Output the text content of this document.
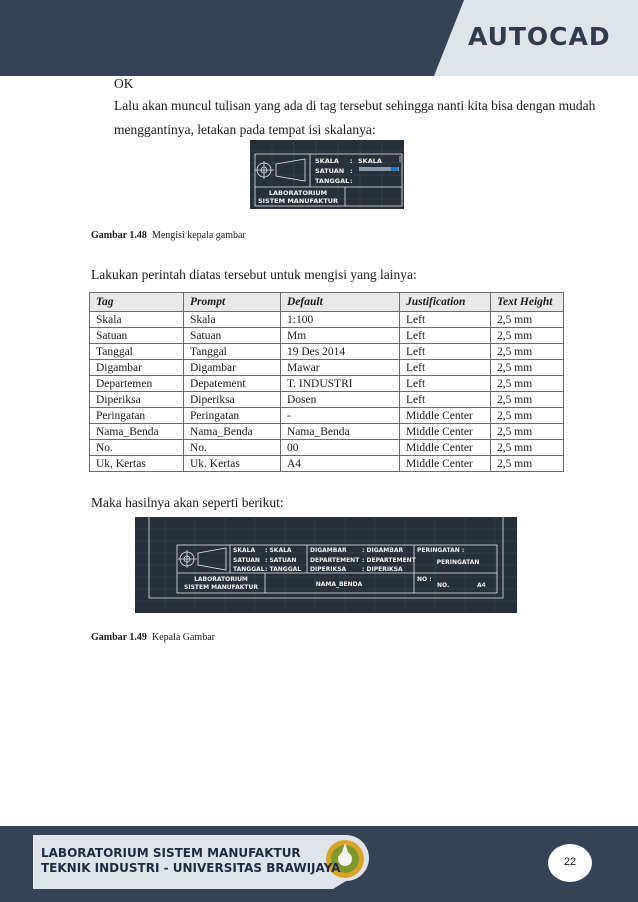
AUTOCAD
OK
Lalu akan muncul tulisan yang ada di tag tersebut sehingga nanti kita bisa dengan mudah
menggantinya, letakan pada tempat isi skalanya:
SKALA : SKALA
SATUAN :
TANGGAL :
LABORATORIUM
SISTEM MANUFAKTUR
Gambar 1.48 Mengisi kepala gambar
Lakukan perintah diatas tersebut untuk mengisi yang lainya:
Tag	Prompt	Default	Justification	Text Height
Skala	Skala	1:100	Left	2,5 mm
Satuan	Satuan	Mm	Left	2,5 mm
Tanggal	Tanggal	19 Des 2014	Left	2,5 mm
Digambar	Digambar	Mawar	Left	2,5 mm
Departemen	Depatement	T. INDUSTRI	Left	2,5 mm
Diperiksa	Diperiksa	Dosen	Left	2,5 mm
Peringatan	Peringatan	-	Middle Center	2,5 mm
Nama_Benda	Nama_Benda	Nama_Benda	Middle Center	2,5 mm
No.	No.	00	Middle Center	2,5 mm
Uk, Kertas	Uk. Kertas	A4	Middle Center	2,5 mm
Maka hasilnya akan seperti berikut:
SKALA : SKALA
SATUAN : SATUAN
TANGGAL : TANGGAL
DIGAMBAR	: DIGAMBAR
DEPARTEMENT : DEPARTEMENT
DIPERIKSA	: DIPERIKSA
PERINGATAN :
PERINGATAN
LABORATORIUM
SISTEM MANUFAKTUR	NAMA_BENDA
NO :
NO.	A4
Gambar 1.49 Kepala Gambar
LABORATORIUM SISTEM MANUFAKTUR
TEKNIK INDUSTRI - UNIVERSITAS BRAWIJAYA	22
